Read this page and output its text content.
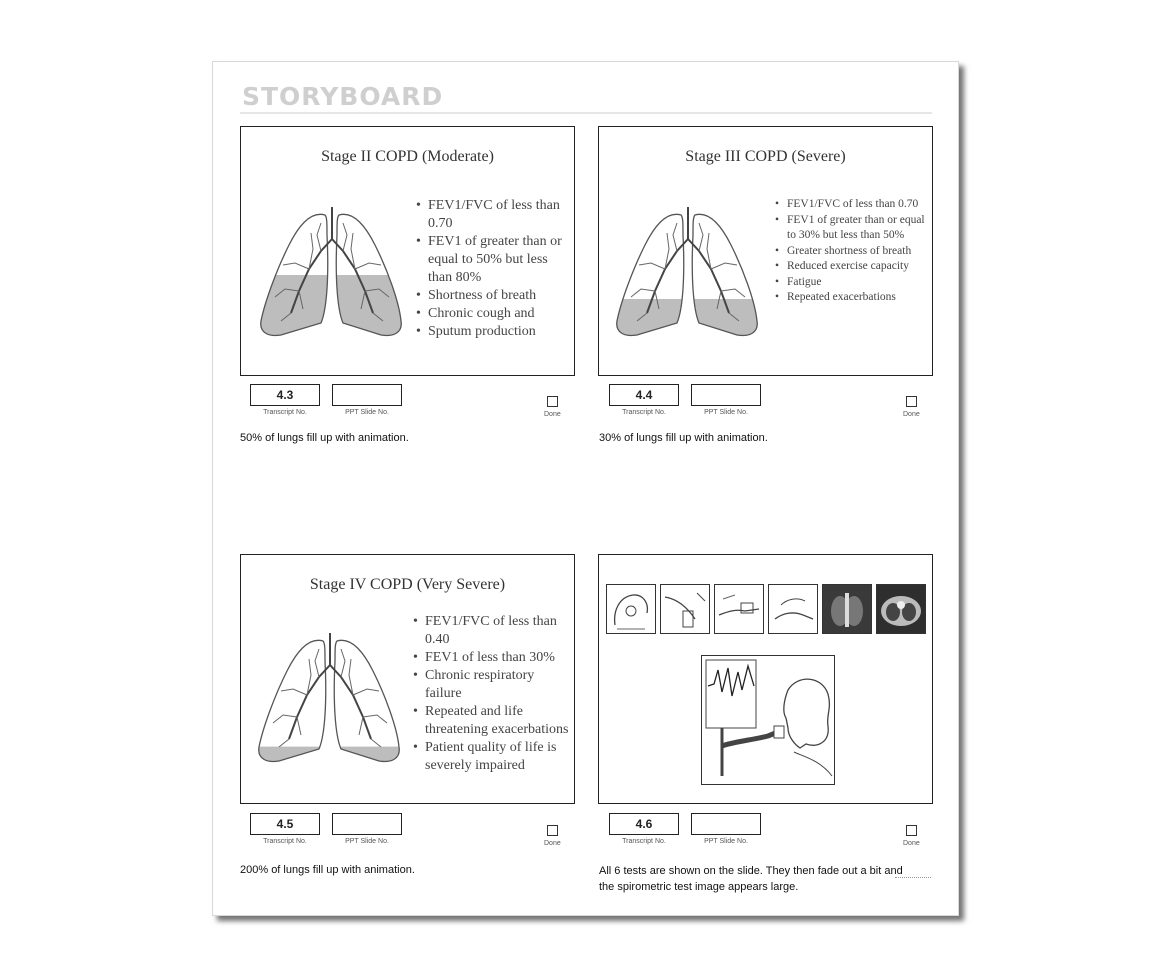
STORYBOARD
Stage II COPD (Moderate)
• FEV1/FVC of less than 0.70
• FEV1 of greater than or equal to 50% but less than 80%
• Shortness of breath
• Chronic cough and
• Sputum production
4.3
Transcript No.	PPT Slide No.	Done
50% of lungs fill up with animation.
Stage III COPD (Severe)
• FEV1/FVC of less than 0.70
• FEV1 of greater than or equal to 30% but less than 50%
• Greater shortness of breath
• Reduced exercise capacity
• Fatigue
• Repeated exacerbations
4.4
Transcript No.	PPT Slide No.	Done
30% of lungs fill up with animation.
Stage IV COPD (Very Severe)
• FEV1/FVC of less than 0.40
• FEV1 of less than 30%
• Chronic respiratory failure
• Repeated and life threatening exacerbations
• Patient quality of life is severely impaired
4.5
Transcript No.	PPT Slide No.	Done
200% of lungs fill up with animation.
4.6
Transcript No.	PPT Slide No.	Done
All 6 tests are shown on the slide. They then fade out a bit and
the spirometric test image appears large.
